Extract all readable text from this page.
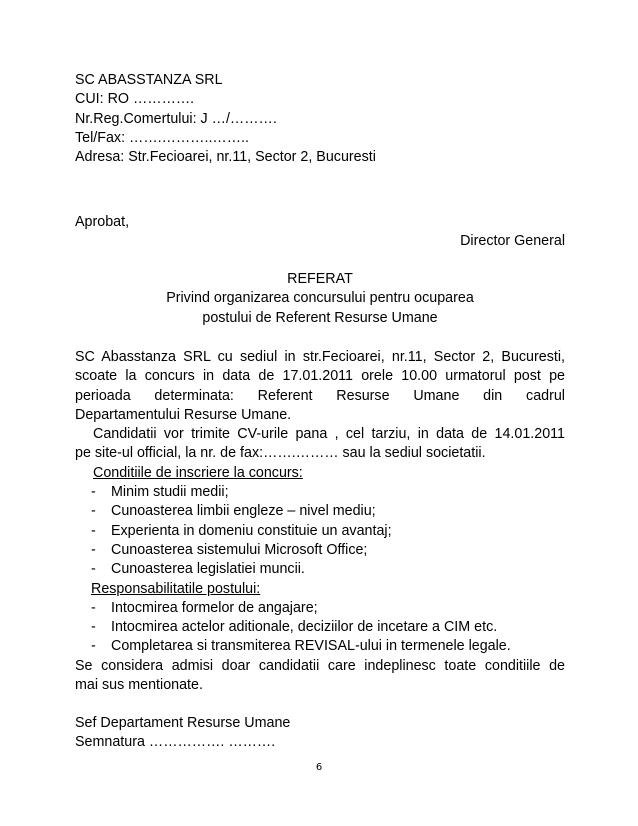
SC ABASSTANZA SRL
CUI: RO ………….
Nr.Reg.Comertului: J …/……….
Tel/Fax: …….………..……..
Adresa: Str.Fecioarei, nr.11, Sector 2, Bucuresti
Aprobat,
Director General
REFERAT
Privind organizarea concursului pentru ocuparea
postului de Referent Resurse Umane
SC Abasstanza SRL cu sediul in str.Fecioarei, nr.11, Sector 2, Bucuresti,
scoate la concurs in data de 17.01.2011 orele 10.00 urmatorul post pe
perioada determinata: Referent Resurse Umane din cadrul
Departamentului Resurse Umane.
Candidatii vor trimite CV-urile pana , cel tarziu, in data de 14.01.2011
pe site-ul official, la nr. de fax:…….……… sau la sediul societatii.
Conditiile de inscriere la concurs:
- Minim studii medii;
- Cunoasterea limbii engleze – nivel mediu;
- Experienta in domeniu constituie un avantaj;
- Cunoasterea sistemului Microsoft Office;
- Cunoasterea legislatiei muncii.
Responsabilitatile postului:
- Intocmirea formelor de angajare;
- Intocmirea actelor aditionale, deciziilor de incetare a CIM etc.
- Completarea si transmiterea REVISAL-ului in termenele legale.
Se considera admisi doar candidatii care indeplinesc toate conditiile de
mai sus mentionate.
Sef Departament Resurse Umane
Semnatura ……………. ……….
6
